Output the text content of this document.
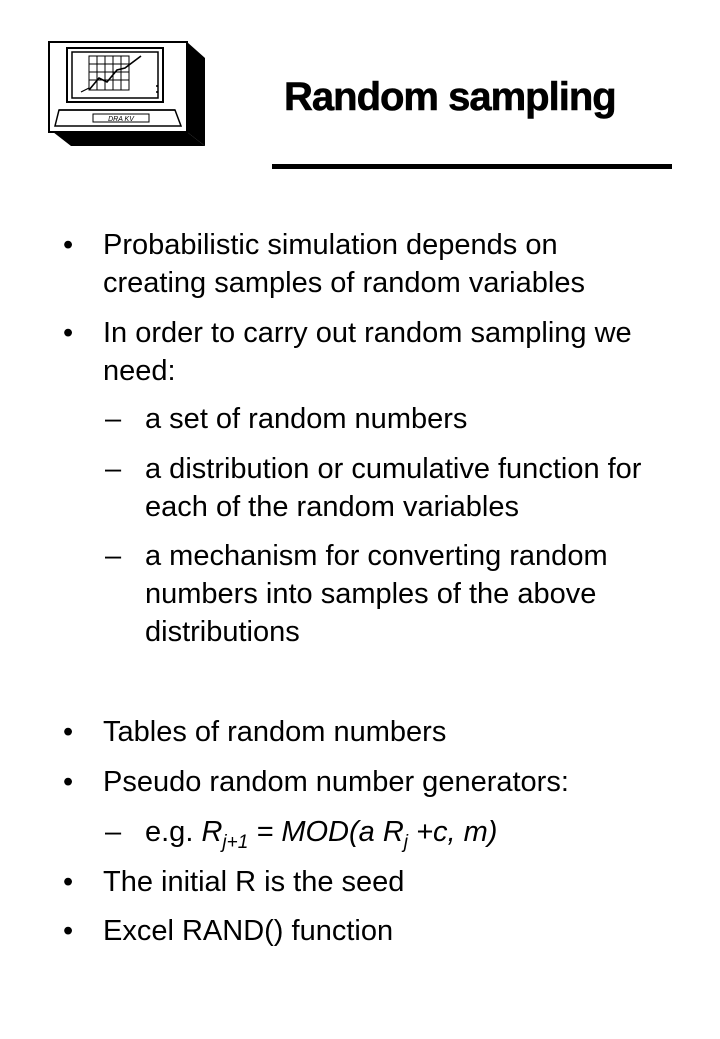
DRA KV
Random sampling
• Probabilistic simulation depends on creating samples of random variables
• In order to carry out random sampling we need:
– a set of random numbers
– a distribution or cumulative function for each of the random variables
– a mechanism for converting random numbers into samples of the above distributions
• Tables of random numbers
• Pseudo random number generators:
– e.g. $R_{j+1} = MOD(a$ $R_j +c$, m)
• The initial R is the seed
• Excel RAND() function
